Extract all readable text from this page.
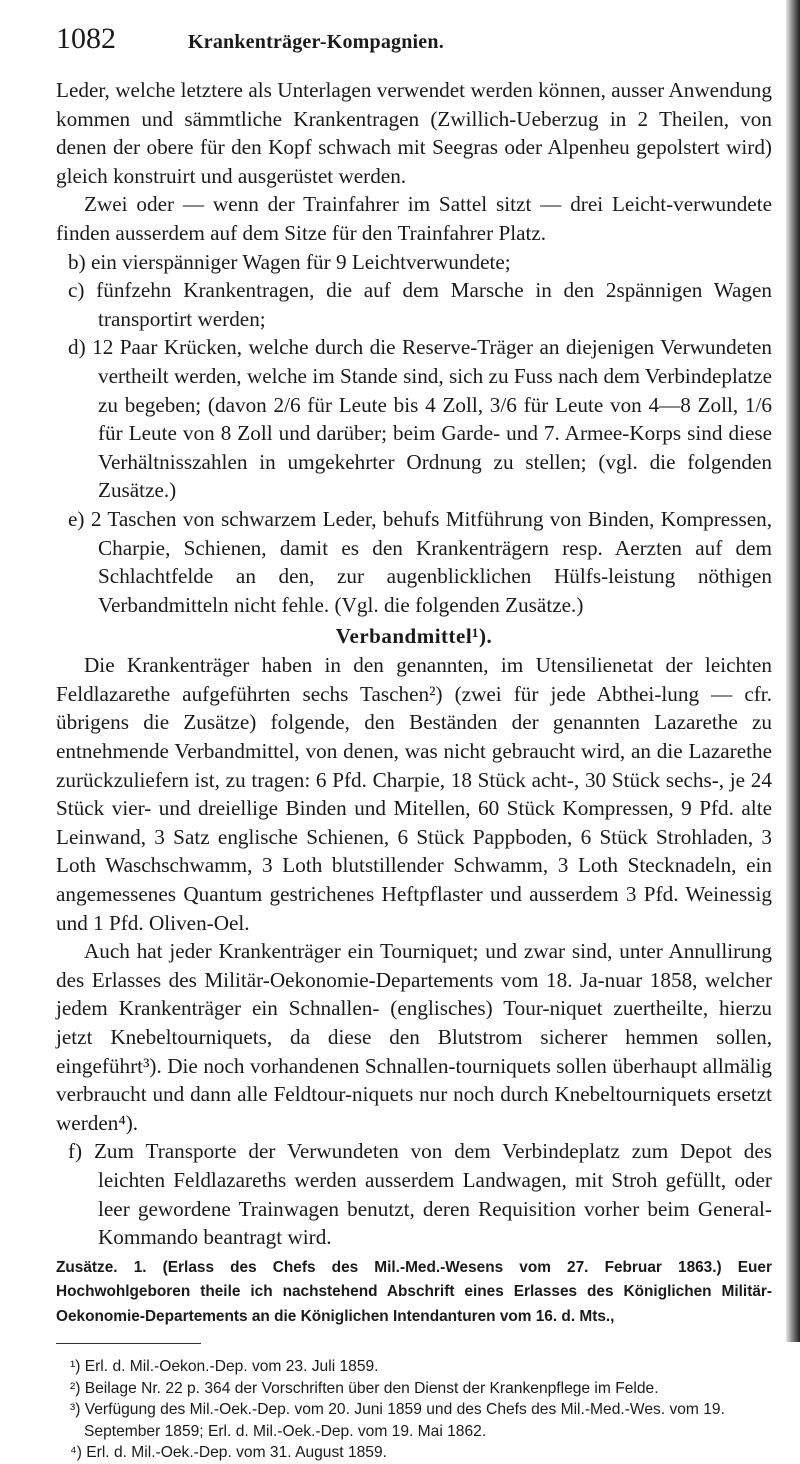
1082	Krankenträger-Kompagnien.

Leder, welche letztere als Unterlagen verwendet werden können, ausser Anwendung kommen und sämmtliche Krankentragen (Zwillich-Ueberzug in 2 Theilen, von denen der obere für den Kopf schwach mit Seegras oder Alpenheu gepolstert wird) gleich konstruirt und ausgerüstet werden.

Zwei oder — wenn der Trainfahrer im Sattel sitzt — drei Leicht-verwundete finden ausserdem auf dem Sitze für den Trainfahrer Platz.

b) ein vierspänniger Wagen für 9 Leichtverwundete;

c) fünfzehn Krankentragen, die auf dem Marsche in den 2spännigen Wagen transportirt werden;

d) 12 Paar Krücken, welche durch die Reserve-Träger an diejenigen Verwundeten vertheilt werden, welche im Stande sind, sich zu Fuss nach dem Verbindeplatze zu begeben; (davon 2/6 für Leute bis 4 Zoll, 3/6 für Leute von 4—8 Zoll, 1/6 für Leute von 8 Zoll und darüber; beim Garde- und 7. Armee-Korps sind diese Verhältnisszahlen in umgekehrter Ordnung zu stellen; (vgl. die folgenden Zusätze.)

e) 2 Taschen von schwarzem Leder, behufs Mitführung von Binden, Kompressen, Charpie, Schienen, damit es den Krankenträgern resp. Aerzten auf dem Schlachtfelde an den, zur augenblicklichen Hülfs-leistung nöthigen Verbandmitteln nicht fehle. (Vgl. die folgenden Zusätze.)

Verbandmittel¹).

Die Krankenträger haben in den genannten, im Utensilienetat der leichten Feldlazarethe aufgeführten sechs Taschen²) (zwei für jede Abthei-lung — cfr. übrigens die Zusätze) folgende, den Beständen der genannten Lazarethe zu entnehmende Verbandmittel, von denen, was nicht gebraucht wird, an die Lazarethe zurückzuliefern ist, zu tragen: 6 Pfd. Charpie, 18 Stück acht-, 30 Stück sechs-, je 24 Stück vier- und dreiellige Binden und Mitellen, 60 Stück Kompressen, 9 Pfd. alte Leinwand, 3 Satz englische Schienen, 6 Stück Pappboden, 6 Stück Strohladen, 3 Loth Waschschwamm, 3 Loth blutstillender Schwamm, 3 Loth Stecknadeln, ein angemessenes Quantum gestrichenes Heftpflaster und ausserdem 3 Pfd. Weinessig und 1 Pfd. Oliven-Oel.

Auch hat jeder Krankenträger ein Tourniquet; und zwar sind, unter Annullirung des Erlasses des Militär-Oekonomie-Departements vom 18. Ja-nuar 1858, welcher jedem Krankenträger ein Schnallen- (englisches) Tour-niquet zuertheilte, hierzu jetzt Knebeltourniquets, da diese den Blutstrom sicherer hemmen sollen, eingeführt³). Die noch vorhandenen Schnallen-tourniquets sollen überhaupt allmälig verbraucht und dann alle Feldtour-niquets nur noch durch Knebeltourniquets ersetzt werden⁴).

f) Zum Transporte der Verwundeten von dem Verbindeplatz zum Depot des leichten Feldlazareths werden ausserdem Landwagen, mit Stroh gefüllt, oder leer gewordene Trainwagen benutzt, deren Requisition vorher beim General-Kommando beantragt wird.

Zusätze. 1. (Erlass des Chefs des Mil.-Med.-Wesens vom 27. Februar 1863.) Euer Hochwohlgeboren theile ich nachstehend Abschrift eines Erlasses des Königlichen Militär-Oekonomie-Departements an die Königlichen Intendanturen vom 16. d. Mts.,

¹) Erl. d. Mil.-Oekon.-Dep. vom 23. Juli 1859.
²) Beilage Nr. 22 p. 364 der Vorschriften über den Dienst der Krankenpflege im Felde.
³) Verfügung des Mil.-Oek.-Dep. vom 20. Juni 1859 und des Chefs des Mil.-Med.-Wes. vom 19. September 1859; Erl. d. Mil.-Oek.-Dep. vom 19. Mai 1862.
⁴) Erl. d. Mil.-Oek.-Dep. vom 31. August 1859.
